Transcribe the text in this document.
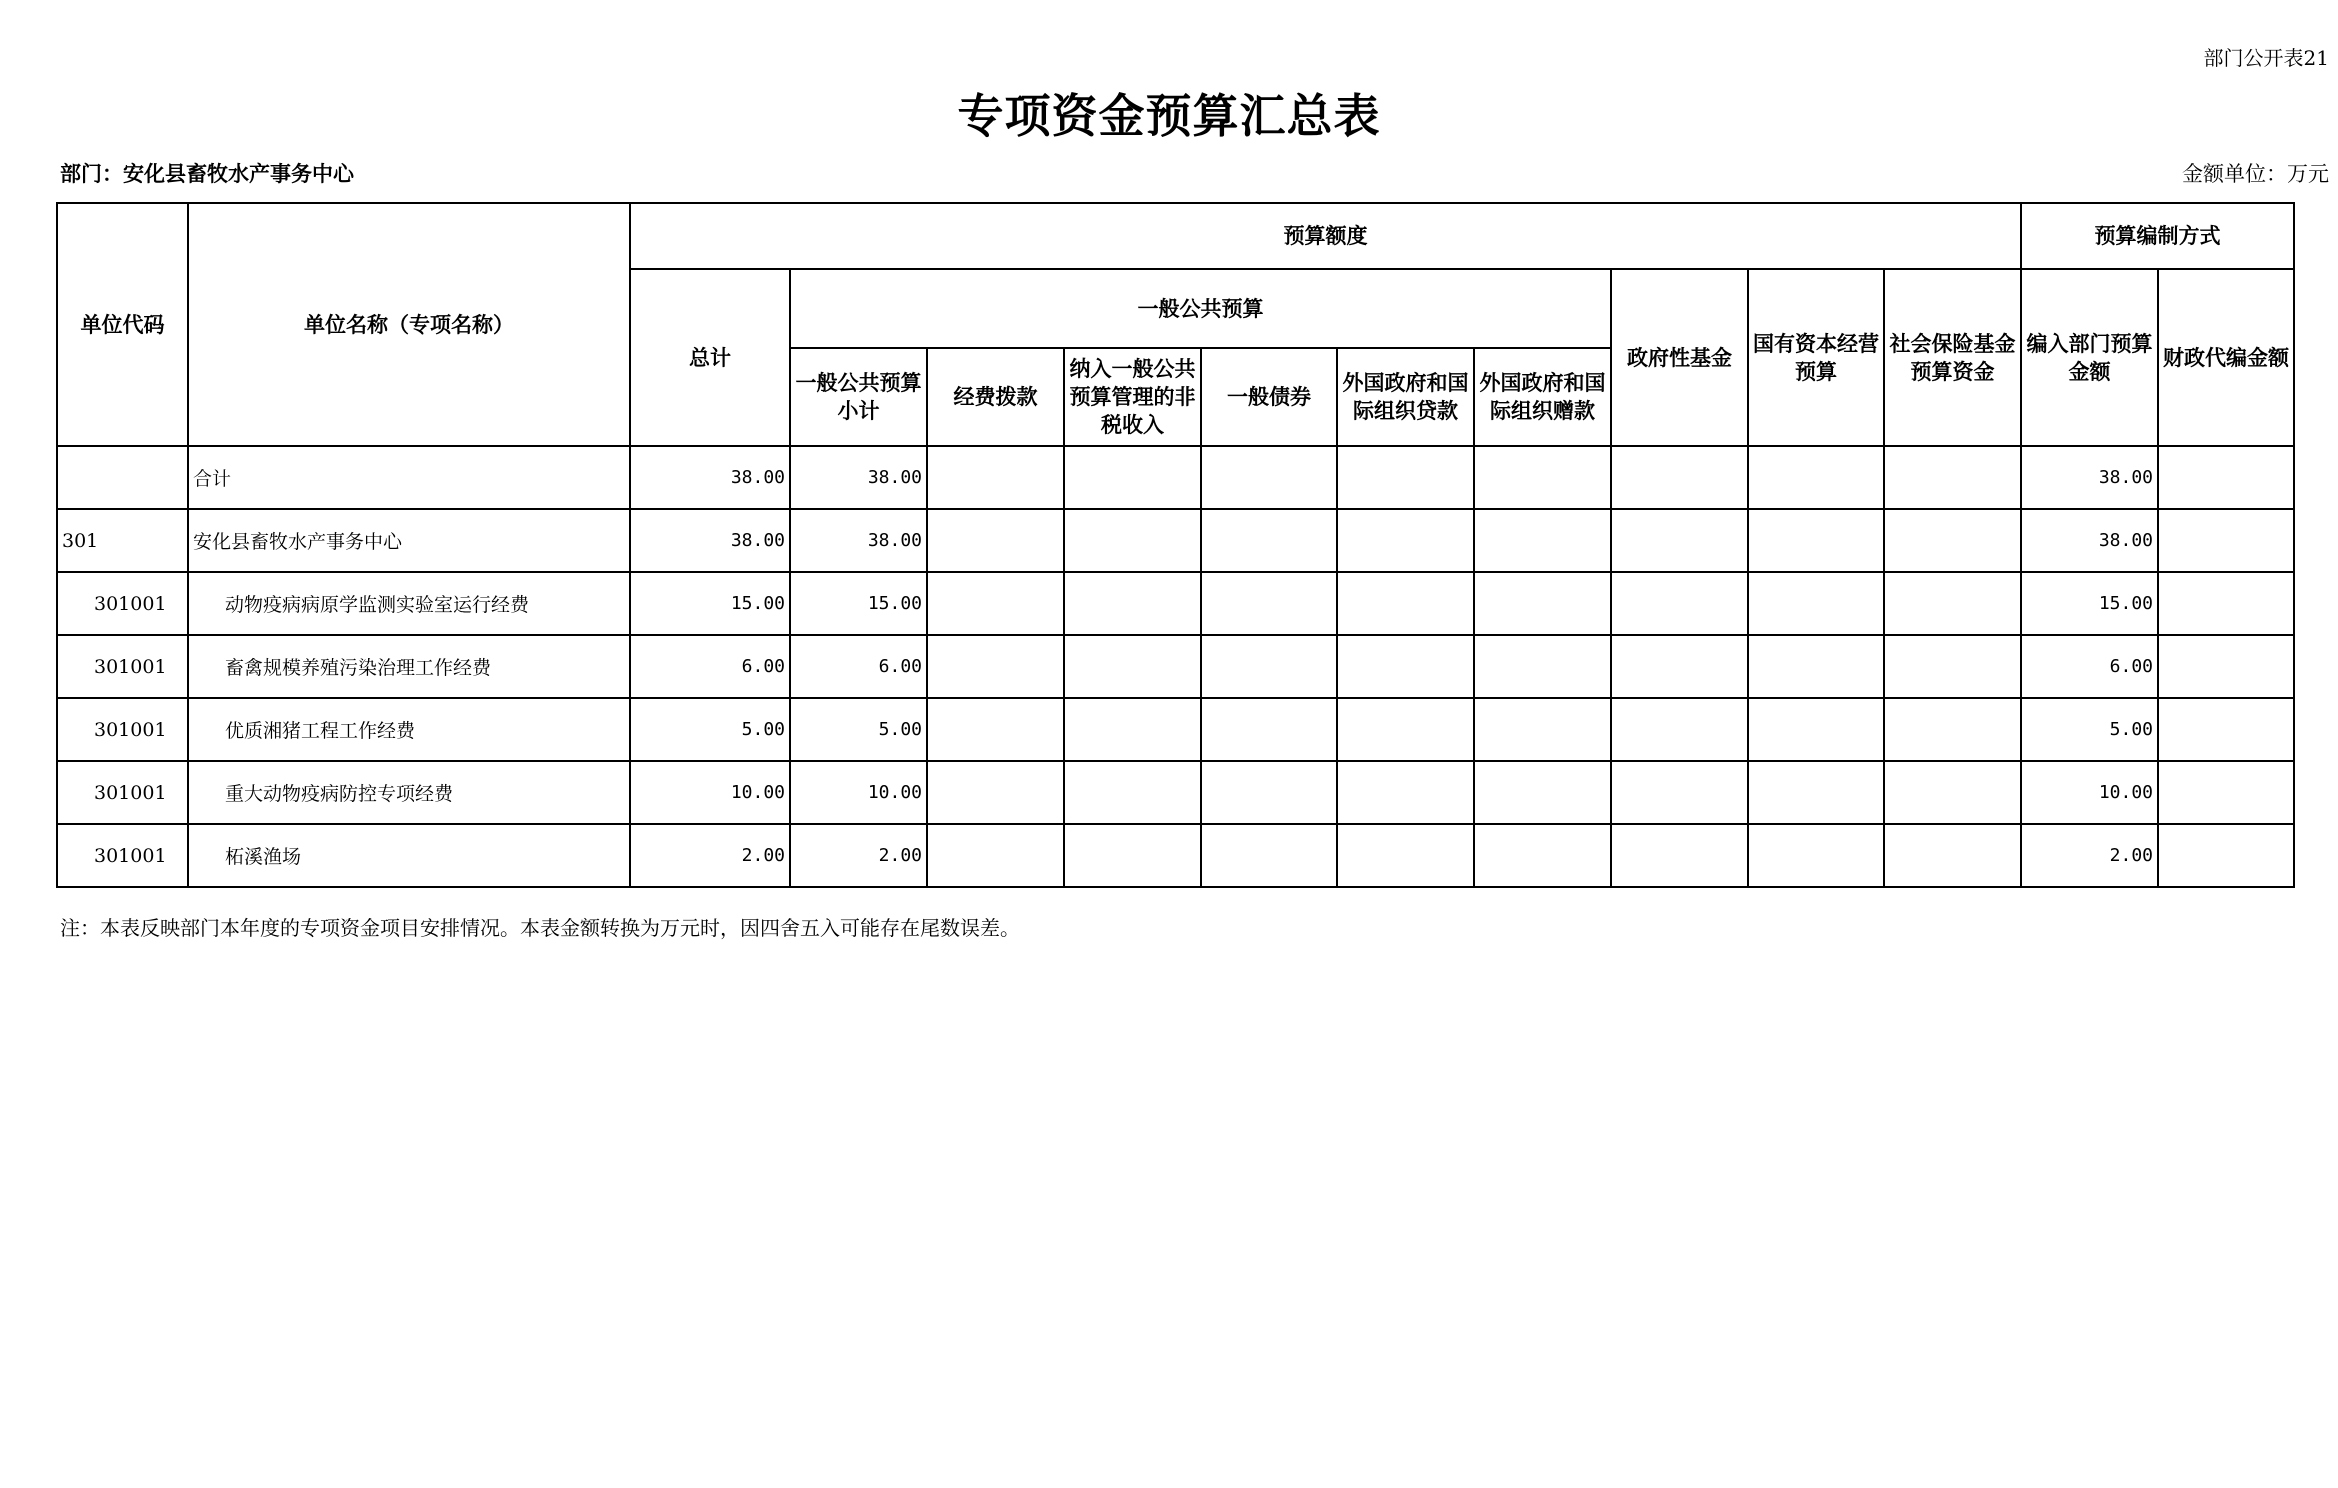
部门公开表21
专项资金预算汇总表
部门：安化县畜牧水产事务中心	金额单位：万元
单位代码	单位名称（专项名称）	预算额度										预算编制方式	
		总计	一般公共预算						政府性基金	国有资本经营预算	社会保险基金预算资金	编入部门预算金额	财政代编金额
			一般公共预算小计	经费拨款	纳入一般公共预算管理的非税收入	一般债券	外国政府和国际组织贷款	外国政府和国际组织赠款					
	合计	38.00	38.00									38.00	
301	安化县畜牧水产事务中心	38.00	38.00									38.00	
301001	动物疫病病原学监测实验室运行经费	15.00	15.00									15.00	
301001	畜禽规模养殖污染治理工作经费	6.00	6.00									6.00	
301001	优质湘猪工程工作经费	5.00	5.00									5.00	
301001	重大动物疫病防控专项经费	10.00	10.00									10.00	
301001	柘溪渔场	2.00	2.00									2.00	
注：本表反映部门本年度的专项资金项目安排情况。本表金额转换为万元时，因四舍五入可能存在尾数误差。
